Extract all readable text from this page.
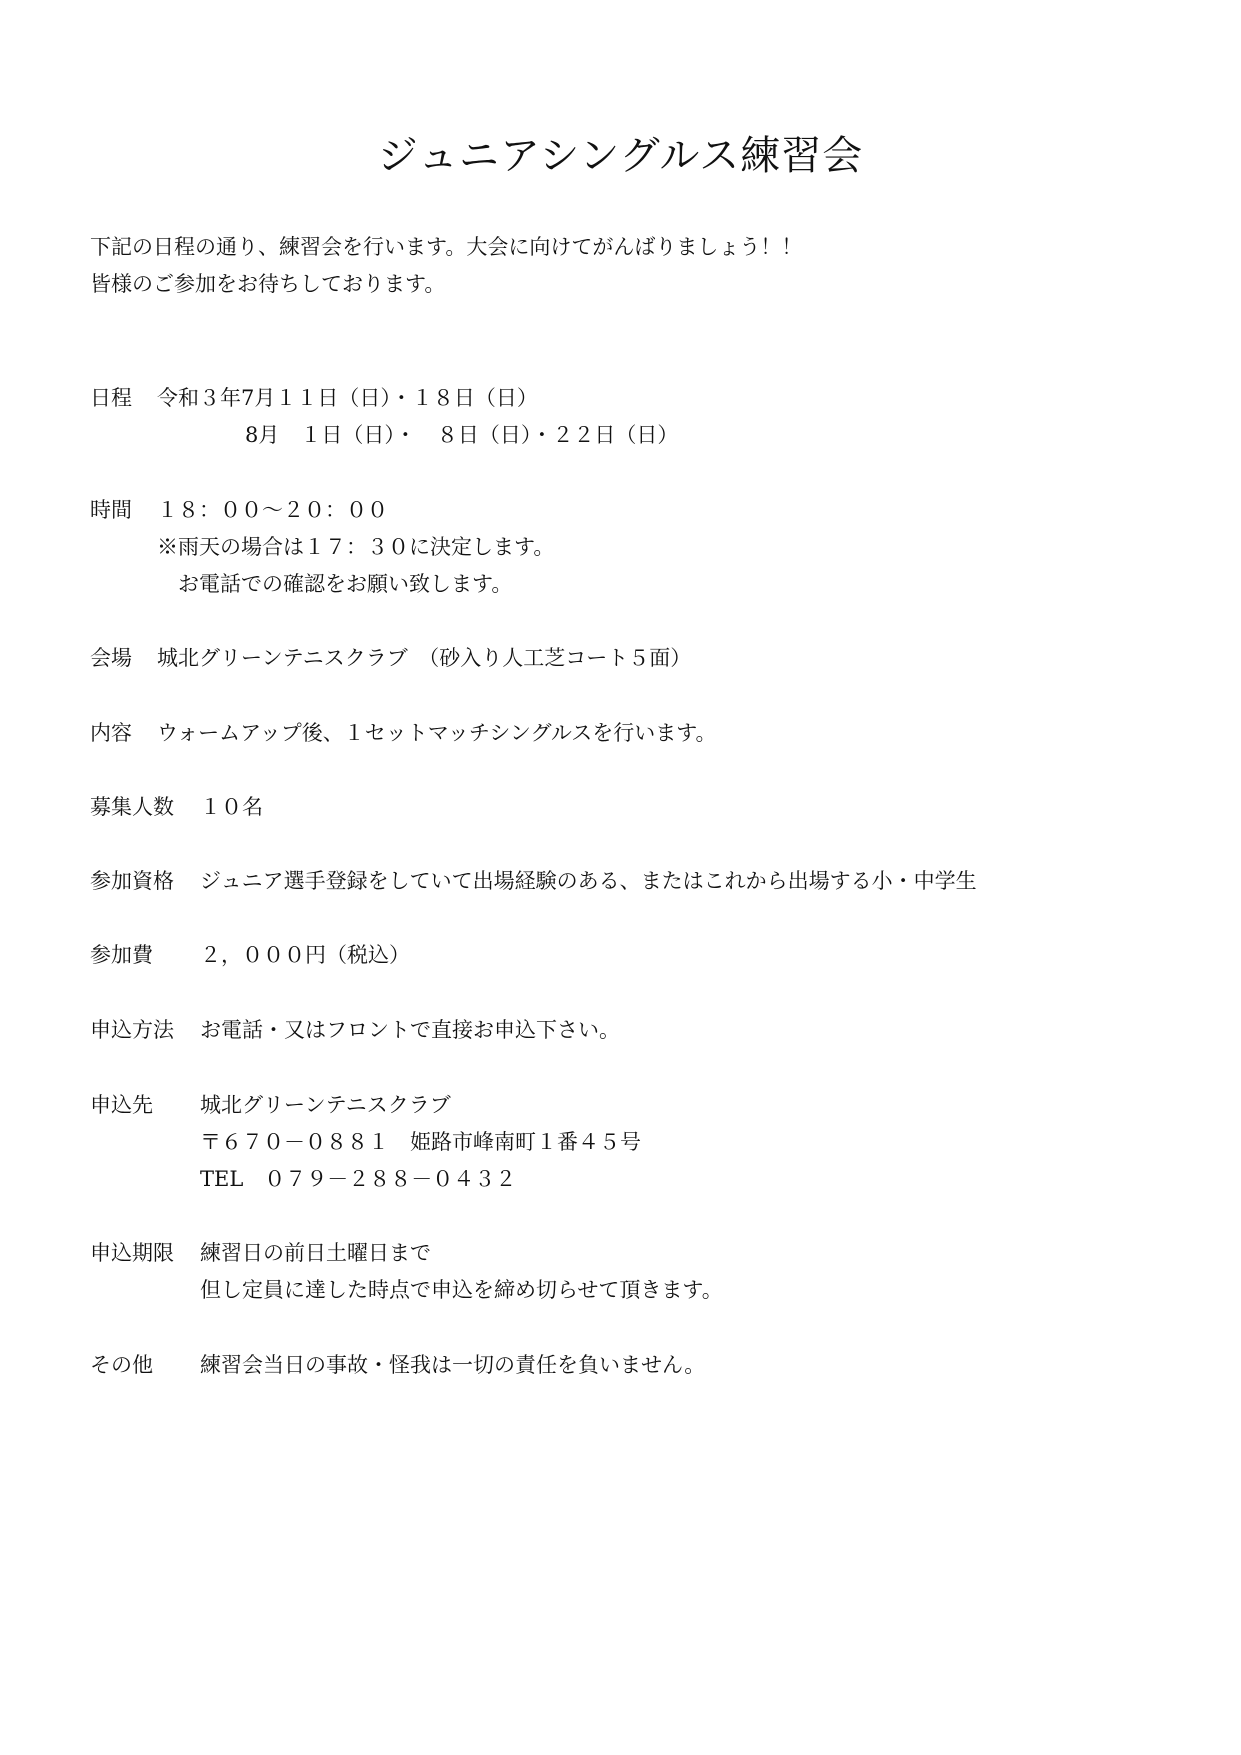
ジュニアシングルス練習会
下記の日程の通り、練習会を行います。大会に向けてがんばりましょう！！
皆様のご参加をお待ちしております。
日程 令和３年7月１１日（日）・１８日（日）
8月　１日（日）・　８日（日）・２２日（日）
時間 １８：００～２０：００
※雨天の場合は１７：３０に決定します。
お電話での確認をお願い致します。
会場 城北グリーンテニスクラブ　（砂入り人工芝コート５面）
内容 ウォームアップ後、１セットマッチシングルスを行います。
募集人数 １０名
参加資格 ジュニア選手登録をしていて出場経験のある、またはこれから出場する小・中学生
参加費 ２，０００円（税込）
申込方法 お電話・又はフロントで直接お申込下さい。
申込先 城北グリーンテニスクラブ
〒６７０－０８８１　姫路市峰南町１番４５号
TEL　０７９－２８８－０４３２
申込期限 練習日の前日土曜日まで
但し定員に達した時点で申込を締め切らせて頂きます。
その他 練習会当日の事故・怪我は一切の責任を負いません。
